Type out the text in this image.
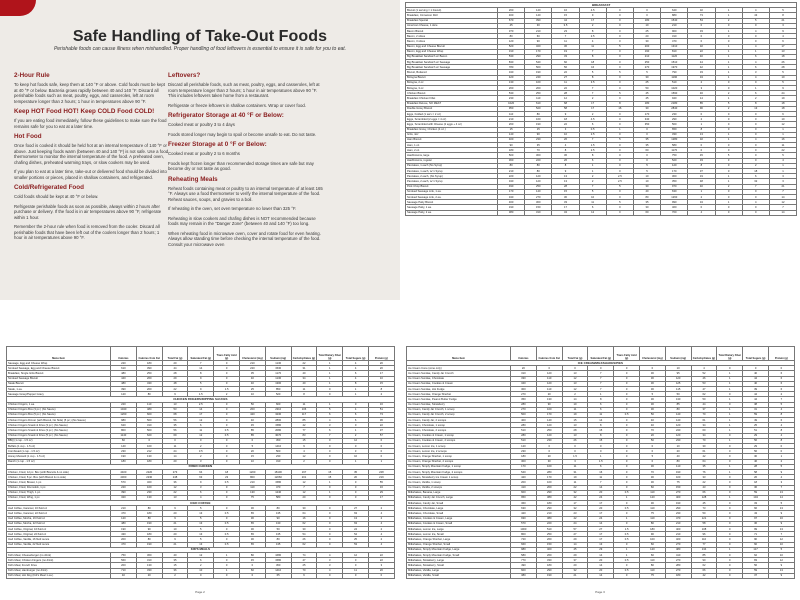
Safe Handling of Take-Out Foods

Perishable foods can cause illness when mishandled. Proper handling of food leftovers is essential to ensure it is safe for you to eat.

2-Hour Rule

To keep hot foods safe, keep them at 140 °F or above. Cold foods must be kept at 40 °F or below. Bacteria grows rapidly between 40 and 140 °F. Discard all perishable foods such as meat, poultry, eggs, and casseroles, left at room temperature longer than 2 hours; 1 hour in temperatures above 90 °F.

Keep HOT Food HOT! Keep COLD Food COLD!

If you are eating food immediately, follow these guidelines to make sure the food remains safe for you to eat at a later time.

Hot Food

Once food is cooked it should be held hot at an internal temperature of 140 °F or above. Just keeping foods warm (between 40 and 140 °F) is not safe. Use a food thermometer to monitor the internal temperature of the food. A preheated oven, chafing dishes, preheated warming trays, or slow cookers may be used.

If you plan to eat at a later time, take-out or delivered food should be divided into smaller portions or pieces, placed in shallow containers, and refrigerated.

Cold/Refrigerated Food

Cold foods should be kept at 40 °F or below.

Refrigerate perishable foods as soon as possible, always within 2 hours after purchase or delivery. If the food is in air temperatures above 90 °F, refrigerate within 1 hour.

Remember the 2-hour rule when food is removed from the cooler. Discard all perishable foods that have been left out of the coolers longer than 2 hours; 1 hour in air temperatures above 90 °F.

Leftovers?

Discard all perishable foods, such as meat, poultry, eggs, and casseroles, left at room temperature longer than 2 hours; 1 hour in air temperatures above 90 °F. This includes leftovers taken home from a restaurant.

Refrigerate or freeze leftovers in shallow containers. Wrap or cover food.

Refrigerator Storage at 40 °F or Below:

Cooked meat or poultry 3 to 4 days

Foods stored longer may begin to spoil or become unsafe to eat. Do not taste.

Freezer Storage at 0 °F or Below:

Cooked meat or poultry 2 to 6 months

Foods kept frozen longer than recommended storage times are safe but may become dry or not taste as good.

Reheating Meals

Reheat foods containing meat or poultry to an internal temperature of at least 165 °F. Always use a food thermometer to verify the internal temperature of the food. Reheat sauces, soups, and gravies to a boil.

If reheating in the oven, set oven temperature no lower than 325 °F.

Reheating in slow cookers and chafing dishes is NOT recommended because foods may remain in the "Danger Zone" (between 40 and 140 °F) too long.

When reheating food in microwave oven, cover and rotate food for even heating. Always allow standing time before checking the internal temperature of the food. Consult your microwave oven

BREAKFAST											
Biscuit (1 serving = 1 biscuit)	260	140	16	4.5	0	0	640	32	1	4	5
Breakfast, Cinnamon Roll	460	140	15	9	0	0	880	73	1	43	8
Breakfast Special	670	390	44	17	0	180	1540	53	2	5	21
American Cheese, 1 slice	45	30	3.5	2	0	10	210	0	0	0	3
Bacon Biscuit	370	210	23	8	0	25	900	33	1	4	9
Bacon, 2 slices	80	60	7	2.5	0	20	310	0	0	0	4
Bacon, 3 slices	120	90	11	4	0	30	470	0	0	0	6
Bacon, Egg and Cheese Biscuit	520	320	36	11	5	200	1310	32	1	4	17
Bacon, Egg and Cheese Wrap	310	170	19	7	0	190	810	22	1	1	13
Big Breakfast Sandwich w/ Bacon	530	290	33	8	0	210	1120	40	1	6	18
Big Breakfast Sandwich w/ Sausage	830	540	60	18	0	250	1510	44	1	4	26
Big Breakfast Sandwich w/ Sausage	780	500	56	16	0	270	1970	42	1	6	28
Biscuit, Buttered	340	190	22	5	5	5	790	33	1	3	5
Bologna Biscuit	420	240	27	8	0	30	1190	34	1	4	10
Bologna, 2 oz.	130	100	11	3.5	0	25	510	2	0	0	5
Bologna, 3 oz.	260	200	22	7	0	50	1020	3	0	1	9
Chicken Biscuit	530	250	28	7	5	45	1590	46	2	6	24
Breakfast Chicken Fillet	230	110	12	2	0	45	940	14	1	2	19
Breakfast Deluxe, NO MEAT	1020	610	68	17	8	180	2180	85	5	8	18
Double Gravy Biscuit	950	520	58	17	16	30	2840	90	2	13	18
Eggs, Folded (1 serv = 2 oz)	110	80	9	2	0	170	230	0	0	0	6
Eggs, Scrambled (2 eggs = 4 oz)	210	160	18	4.5	0	340	290	2	0	0	10
Eggs, Scrambled with Cheese (2 eggs + 4 oz)	260	190	22	6	0	350	500	1	0	0	12
Breakfast Gravy, Chicken (4 oz.)	15	15	3	0.5	1	0	650	8	0	0	1
Grits, 4oz	140	90	10	2.5	0	0	330	13	1	0	1
Ham Biscuit	400	230	26	7	5	35	1280	32	1	4	16
Ham, 1 oz.	90	35	4	1.5	0	35	580	0	0	0	11
Ham, 2 oz.	180	70	8	2.5	0	60	1170	0	0	0	22
Hashbrowns, large	500	300	36	8	0	0	750	45	5	0	5
Hashbrowns, regular	360	220	26	6	0	0	520	33	3	0	4
Pancakes, 1 each (No Syrup)	80	80	8	1	0	5	120	8	0	2	1
Pancakes, 1 each, w/ 1 Syrup	210	80	9	1	0	5	170	37	0	18	1
Pancakes, 2 each, (No Syrup)	220	120	13	2	2.5	10	300	19	1	6	3
Pancakes, 2 each, w/ 1 Syrup	340	120	13	2	2.5	10	350	48	1	32	3
Pork Chop Biscuit	490	250	28	7	5	30	970	40	2	7	21
Smoked Sausage Link, 1 ea.	170	140	15	5	0	40	630	1	0	0	7
Smoked Sausage Link, 2 ea.	340	270	30	10	0	80	1260	2	0	0	14
Sausage Patty Biscuit	460	300	33	11	5	35	990	34	1	4	12
Sausage Patty, 1 ea.	190	150	17	6	0	30	460	0	0	0	7
Sausage Patty, 2 ea.	380	310	34	12	0	60	700	4	0	0	14
Menu Item	Calories	Calories from Fat	Total Fat (g)	Saturated Fat (g)	Trans Fatty Acid (g)	Cholesterol (mg)	Sodium (mg)	Carbohydrates (g)	Total Dietary Fiber (g)	Total Sugars (g)	Protein (g)
Sausage, Egg and Cheese Wrap	220	180	20	7	0	210	1130	22	1	4	20
Smoked Sausage, Egg and Cheese Biscuit	610	390	44	14	0	220	1530	31	1	4	20
Breakfast, Single Grits Biscuit	480	250	28	8	0	35	1170	40	1	6	17
Smoked Sausage Biscuit	440	260	29	9	0	40	1130	34	1	4	10
Steak Biscuit	480	430	48	5	0	40	1300	40	1	8	15
Steak, 1 ea.	390	200	22	9	1.5	25	850	11	0	1	8
Sausage Gravy/Pepper Gravy	120	80	9	1.5	2	10	520	8	0	1	2
CHICKEN FINGERS/DIPPING SAUCES											
Chicken Fingers, 1 ea.	220	110	13	2.5	0	50	600	11	1	0	16
Chicken Fingers Box (3 pc.) (No Sauce)	1040	480	53	14	0	200	2310	106	5	4	51
Chicken Fingers Box (5 pc.) (No Sauce)	1260	600	68	17	0	420	3230	117	6	6	73
Chicken Fingers Dinner (with Biscuit, No Side) (5 pc.) (No Sauce)	980	500	56	12	0	40	2800	85	4	6	36
Chicken Fingers Snack & Fries (3 pc.) (No Sauce)	620	310	35	6	0	45	1580	42	3	0	22
Chicken Fingers Snack & Fries (3 pc.) (No Sauce)	800	500	56	11	0.5	85	2080	77	6	1	37
Chicken Fingers Snack & Fries (5 pc.) (No Sauce)	1140	620	69	12	0.5	85	3070	83	7	2	57
BBQ (1 cup - 1.5 oz)	60	0	0	0	0	0	450	15	0	12	0
Buffalo (1 cup - 1.5 oz)	140	100	11	2	0	5	1410	9	0	0	0
Cornbread (1 cup - 1.5 oz)	230	212	24	3.5	0	20	500	4	0	3	0
Honey Mustard (1 cup - 1.5 oz)	190	130	14	2	0	15	230	12	0	10	0
Ranch (1 cup - 1.5 oz)	180	180	20	3	0	10	310	2	0	1	1
FRIED CHICKEN											
Chicken, Fried, 12 pc. Box (with Biscuits & no side)	4400	2220	273	64	18	1200	18100	167	15	35	228
Chicken, Fried, 8 pc. Box (with Biscuit & no side)	4300	2230	248	63	23	800	12060	201	15	20	219
Chicken, Fried, Breast, 1 pc.	570	320	36	9	0.5	210	1580	12	1	0	55
Chicken, Fried, Drumstick, 1 pc.	220	100	12	3	0	110	470	7	0	0	16
Chicken, Fried, Thigh, 1 pc.	390	230	22	6	0	130	1240	12	1	0	29
Chicken, Fried, Wing, 1 pc.	320	130	13	4	0	75	580	20	0	0	17
ICED COFFEE											
Iced Coffee, Caramel, 16 fluid oz	210	80	9	5	0	30	80	30	0	27	2
Iced Coffee, Caramel, 22 fluid oz	470	180	20	13	0.5	65	135	64	0	63	4
Iced Coffee, Mocha, 16 fluid oz	120	80	9	5	0	30	90	16	0	13	2
Iced Coffee, Mocha, 22 fluid oz	480	190	21	13	0.5	65	130	62	0	63	4
Iced Coffee, Original, 16 fluid oz	190	90	10	5	0	30	50	30	0	24	2
Iced Coffee, Original, 22 fluid oz	430	180	20	13	0.5	65	135	54	0	54	4
Iced Coffee, Vanilla, 16 fluid ounce	200	80	9	5	0	30	80	26	0	25	2
Iced Coffee, Vanilla, 22 fluid ounce	470	190	21	13	0.5	65	135	62	0	53	4
KID'S MEALS											
Kid's Meal, Cheeseburger (no drink)	750	360	40	12	1	80	1680	74	4	12	22
Kid's Meal, Chicken Fingers (no drink)	560	310	35	6	0	45	1580	47	3	0	22
Kid's Meal, French Fries	200	130	15	2	0	0	450	25	3	0	3
Kid's Meal, Hamburger (no drink)	710	330	36	10	1	60	1410	70	4	11	20
Kid's Meal, Hot Dog (Kid's Meal 1 ea.)	40	20	2	0	0	0	65	6	0	0	0
Page 2
Menu Item	Calories	Calories from Fat	Total Fat (g)	Saturated Fat (g)	Trans Fatty Acid (g)	Cholesterol (mg)	Sodium (mg)	Carbohydrates (g)	Total Dietary Fiber (g)	Total Sugars (g)	Protein (g)
ICE CREAM/MILKSHAKES/PIES											
Ice Cream Cone (cone only)	20	0	0	0	0	0	10	4	0	0	0
Ice Cream Sundae, Candy Jar Crunch	310	120	13	7	0	30	95	52	1	40	6
Ice Cream Sundae, Chocolate	330	110	12	7	0	30	120	46	1	44	6
Ice Cream Sundae, Cookies & Cream	340	120	13	7	0	30	125	53	1	40	6
Ice Cream Sundae, Hot Fudge	300	110	12	7	0	30	115	47	1	39	6
Ice Cream Sundae, Orange Sherbet	270	20	2	1	0	5	50	62	0	44	2
Ice Cream Sundae, Peanut Butter Fudge	350	130	14	8	0	30	130	50	1	44	7
Ice Cream Sundae, Strawberry	280	90	10	6	0	30	85	44	0	38	5
Ice Cream, Candy Jar Crunch, 1 scoop	270	100	11	6	0	30	80	37	1	31	4
Ice Cream, Candy Jar Crunch, 2 scoop	500	170	19	11	0.5	50	140	70	1	59	8
Ice Cream, Candy Jar, 2 scoops	400	140	15	14	0	40	140	61	1	49	6
Ice Cream, Chocolate, 1 scoop	280	120	13	8	0	40	120	34	1	25	4
Ice Cream, Chocolate, 2 scoops	510	250	28	15	0	70	240	60	1	51	8
Ice Cream, Cookies & Cream, 1 scoop	280	120	13	8	0	20	120	34	0	29	4
Ice Cream, Cookies & Cream, 2 scoops	510	230	26	15	0	50	230	70	1	56	8
Ice Cream, Lemon Ice, 1 scoop	120	0	0	0	0	0	10	30	0	29	0
Ice Cream, Lemon Ice, 2 scoops	230	0	0	0	0	0	20	61	0	56	0
Ice Cream, Orange Sherbet, 1 scoop	180	20	1.5	1	0	5	40	42	0	30	1
Ice Cream, Orange Sherbet, 2 scoops	300	30	3	1.5	0	0	80	64	0	46	2
Ice Cream, Simply Mountain Fudge, 1 scoop	170	100	11	6	0	30	110	35	1	28	5
Ice Cream, Simply Mountain Fudge, 2 scoops	540	280	31	16	0	70	190	76	1	58	9
Ice Cream, Strawberry Ice Cream 1 scoop	420	170	19	11	0	30	100	33	0	26	4
Ice Cream, Vanilla, 1 scoop	200	100	11	7	0	30	75	22	0	18	3
Ice Cream, Vanilla, 2 scoops	410	200	22	14	0	60	150	43	0	36	7
Milkshakes, Banana, Large	600	290	32	20	0.5	110	270	66	0	59	13
Milkshakes, Candy Jar Crunch, Large	950	380	42	24	1	120	400	128	1	104	14
Milkshakes, Candy Jar, Small	360	180	17	17	0	30	190	45	0	33	5
Milkshakes, Chocolate, Large	630	290	32	20	0.5	110	290	73	0	66	13
Milkshakes, Chocolate, Small	420	210	23	17	0	75	230	50	0	43	9
Milkshakes, Cookies & Cream, Large	930	380	42	24	1	110	470	121	0	97	16
Milkshakes, Cookies & Cream, Small	570	220	24	14	0	80	210	58	0	36	9
Milkshakes, Lemon Ice, Large	1000	510	57	27	1.5	180	400	108	0	99	13
Milkshakes, Lemon Ice, Small	800	250	27	17	0.5	90	210	96	0	71	7
Milkshakes, Orange Sherbet, Large	720	260	29	17	0.5	100	320	110	0	90	12
Milkshakes, Orange Sherbet, Small	660	150	14	13	0	60	270	77	0	60	10
Milkshakes, Simply Mountain Fudge, Large	980	400	45	29	1	120	480	134	1	117	5
Milkshakes, Simply Mountain Fudge, Small	580	260	29	14	1	60	410	85	0	62	10
Milkshakes, Strawberry, Large	770	330	37	20	0.5	110	270	90	0	83	12
Milkshakes, Strawberry, Small	490	180	20	14	0	80	280	62	0	56	9
Milkshakes, Vanilla, Large	600	290	32	20	0.5	110	270	66	0	59	13
Milkshakes, Vanilla, Small	380	190	21	14	0	75	180	42	0	37	9
Page 3
